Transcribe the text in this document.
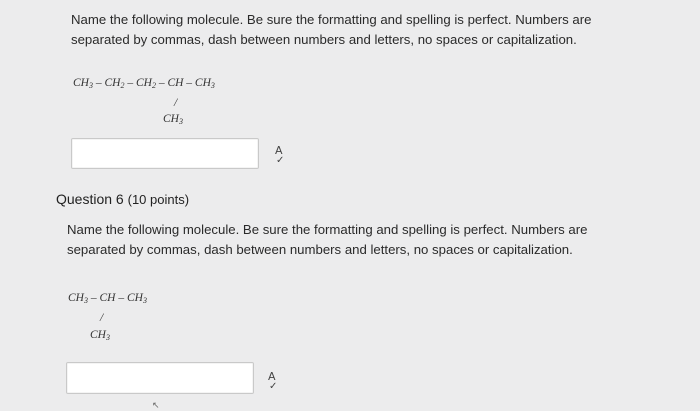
Name the following molecule. Be sure the formatting and spelling is perfect. Numbers are separated by commas, dash between numbers and letters, no spaces or capitalization.

$CH_3 - CH_2 - CH_2$ – CH – $CH_3$
/
$CH_3$
A
✓
Question 6 (10 points)

Name the following molecule. Be sure the formatting and spelling is perfect. Numbers are separated by commas, dash between numbers and letters, no spaces or capitalization.

$CH_3$ – CH – $CH_3$
/
$CH_3$
A
✓
↖
